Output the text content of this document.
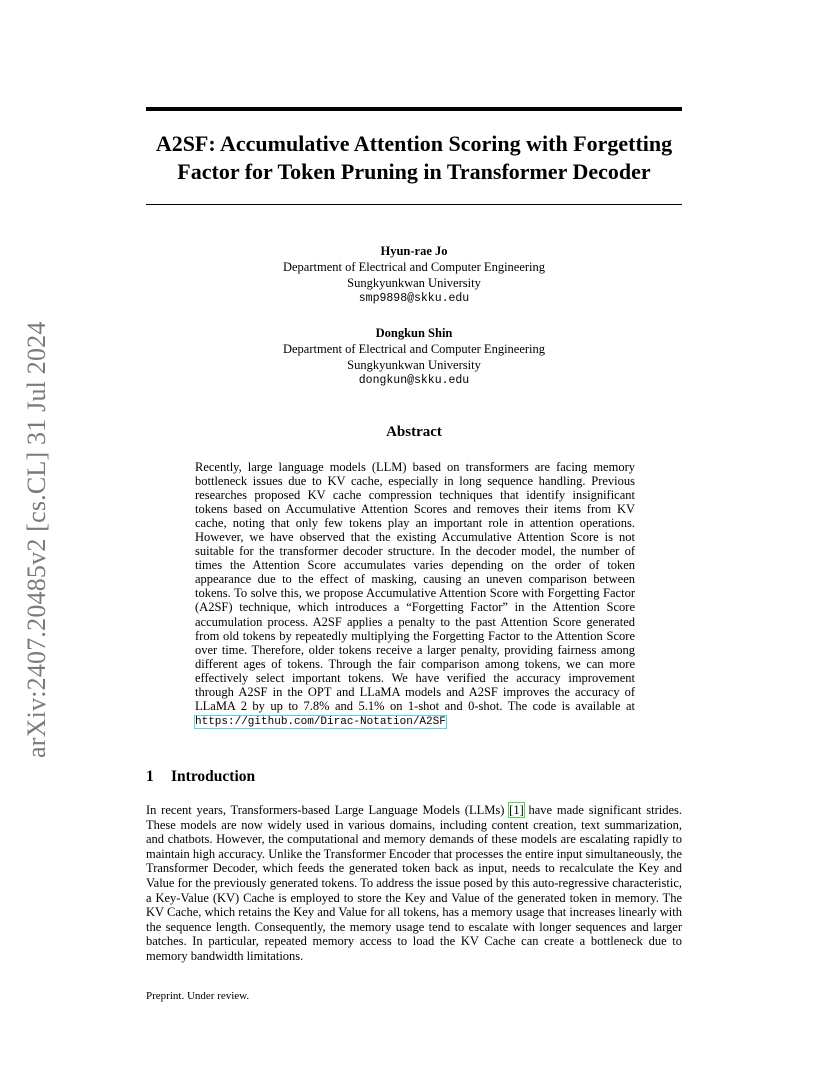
arXiv:2407.20485v2 [cs.CL] 31 Jul 2024
A2SF: Accumulative Attention Scoring with Forgetting
Factor for Token Pruning in Transformer Decoder
Hyun-rae Jo
Department of Electrical and Computer Engineering
Sungkyunkwan University
smp9898@skku.edu
Dongkun Shin
Department of Electrical and Computer Engineering
Sungkyunkwan University
dongkun@skku.edu
Abstract

Recently, large language models (LLM) based on transformers are facing memory bottleneck issues due to KV cache, especially in long sequence handling. Previous researches proposed KV cache compression techniques that identify insignificant tokens based on Accumulative Attention Scores and removes their items from KV cache, noting that only few tokens play an important role in attention operations. However, we have observed that the existing Accumulative Attention Score is not suitable for the transformer decoder structure. In the decoder model, the number of times the Attention Score accumulates varies depending on the order of token appearance due to the effect of masking, causing an uneven comparison between tokens. To solve this, we propose Accumulative Attention Score with Forgetting Factor (A2SF) technique, which introduces a “Forgetting Factor” in the Attention Score accumulation process. A2SF applies a penalty to the past Attention Score generated from old tokens by repeatedly multiplying the Forgetting Factor to the Attention Score over time. Therefore, older tokens receive a larger penalty, providing fairness among different ages of tokens. Through the fair comparison among tokens, we can more effectively select important tokens. We have verified the accuracy improvement through A2SF in the OPT and LLaMA models and A2SF improves the accuracy of LLaMA 2 by up to 7.8% and 5.1% on 1-shot and 0-shot. The code is available at https://github.com/Dirac-Notation/A2SF

1 Introduction

In recent years, Transformers-based Large Language Models (LLMs) [1] have made significant strides. These models are now widely used in various domains, including content creation, text summarization, and chatbots. However, the computational and memory demands of these models are escalating rapidly to maintain high accuracy. Unlike the Transformer Encoder that processes the entire input simultaneously, the Transformer Decoder, which feeds the generated token back as input, needs to recalculate the Key and Value for the previously generated tokens. To address the issue posed by this auto-regressive characteristic, a Key-Value (KV) Cache is employed to store the Key and Value of the generated token in memory. The KV Cache, which retains the Key and Value for all tokens, has a memory usage that increases linearly with the sequence length. Consequently, the memory usage tend to escalate with longer sequences and larger batches. In particular, repeated memory access to load the KV Cache can create a bottleneck due to memory bandwidth limitations.

Preprint. Under review.
